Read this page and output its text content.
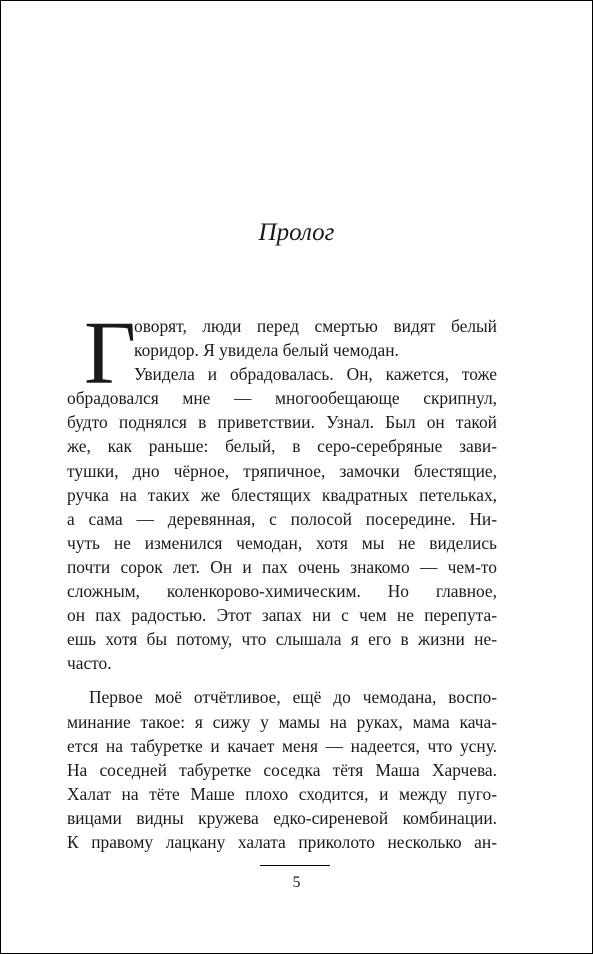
Пролог
Г
оворят, люди перед смертью видят белый
коридор. Я увидела белый чемодан.
Увидела и обрадовалась. Он, кажется, тоже
обрадовался мне — многообещающе скрипнул,
будто поднялся в приветствии. Узнал. Был он такой
же, как раньше: белый, в серо-серебряные зави-
тушки, дно чёрное, тряпичное, замочки блестящие,
ручка на таких же блестящих квадратных петельках,
а сама — деревянная, с полосой посередине. Ни-
чуть не изменился чемодан, хотя мы не виделись
почти сорок лет. Он и пах очень знакомо — чем-то
сложным, коленкорово-химическим. Но главное,
он пах радостью. Этот запах ни с чем не перепута-
ешь хотя бы потому, что слышала я его в жизни не-
часто.
Первое моё отчётливое, ещё до чемодана, воспо-
минание такое: я сижу у мамы на руках, мама кача-
ется на табуретке и качает меня — надеется, что усну.
На соседней табуретке соседка тётя Маша Харчева.
Халат на тёте Маше плохо сходится, и между пуго-
вицами видны кружева едко-сиреневой комбинации.
К правому лацкану халата приколото несколько ан-
5
